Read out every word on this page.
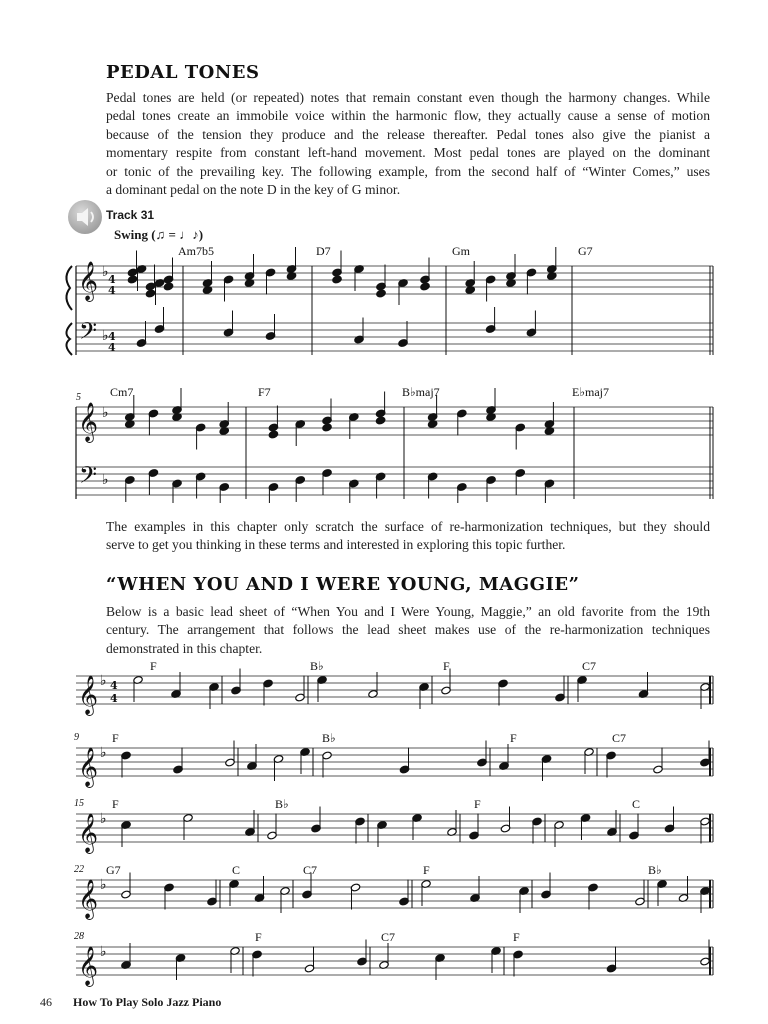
PEDAL TONES
Pedal tones are held (or repeated) notes that remain constant even though the harmony changes. While
pedal tones create an immobile voice within the harmonic flow, they actually cause a sense of motion
because of the tension they produce and the release thereafter. Pedal tones also give the pianist a
momentary respite from constant left-hand movement. Most pedal tones are played on the dominant
or tonic of the prevailing key. The following example, from the second half of “Winter Comes,” uses
a dominant pedal on the note D in the key of G minor.
Track 31
Swing (♫ = ♩♪)
Am7b5	D7	Gm	G7
𝄞
𝄢
♭
♭
4
4
4
4
5 Cm7	F7	B♭maj7	E♭maj7
𝄞
𝄢
♭
♭
The examples in this chapter only scratch the surface of re-harmonization techniques, but they should
serve to get you thinking in these terms and interested in exploring this topic further.
“WHEN YOU AND I WERE YOUNG, MAGGIE”
Below is a basic lead sheet of “When You and I Were Young, Maggie,” an old favorite from the 19th
century. The arrangement that follows the lead sheet makes use of the re-harmonization techniques
demonstrated in this chapter.
F	B♭	F	C7
𝄞 ♭ 4
4
9	F	B♭	F	C7
𝄞 ♭
15 F	B♭	F	C
𝄞 ♭
22 G7	C	C7	F	B♭
𝄞 ♭
28	F	C7	F
𝄞 ♭
46 How To Play Solo Jazz Piano
